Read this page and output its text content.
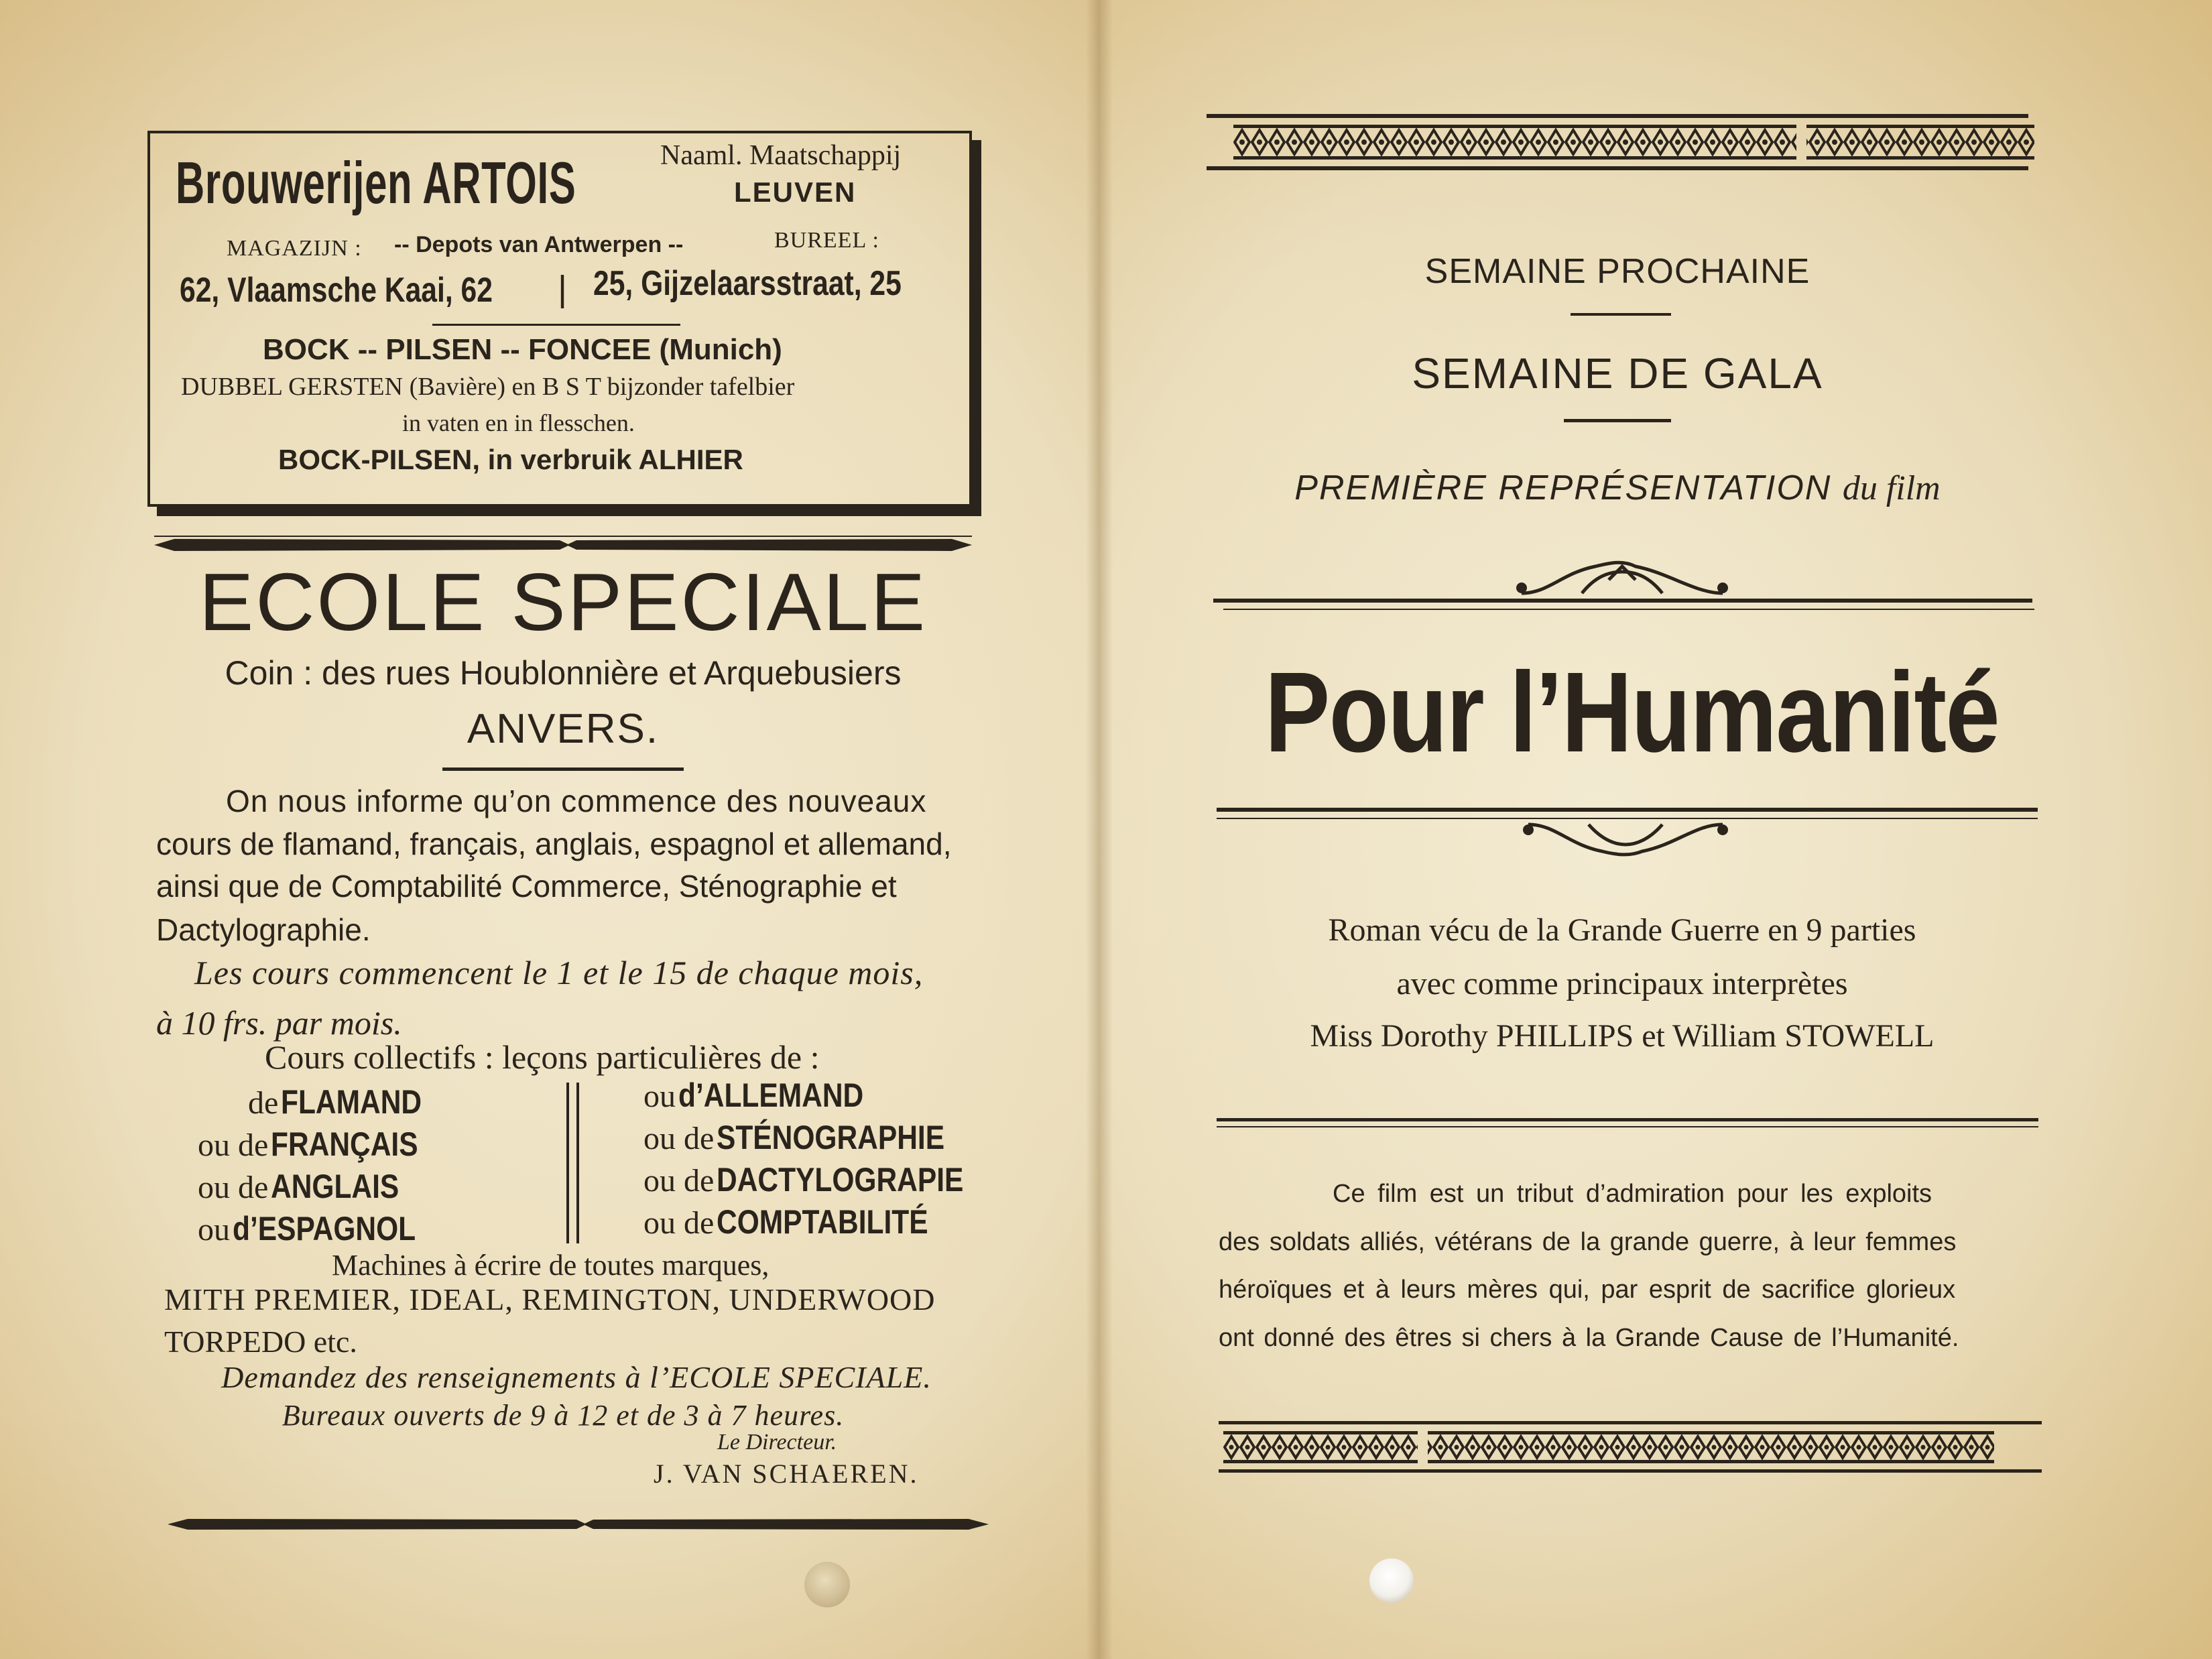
Brouwerijen ARTOIS	Naaml. Maatschappij
LEUVEN
MAGAZIJN : -- Depots van Antwerpen --	BUREEL :
62, Vlaamsche Kaai, 62 | 25, Gijzelaarsstraat, 25
BOCK -- PILSEN -- FONCEE (Munich)
DUBBEL GERSTEN (Bavière) en B S T bijzonder tafelbier
in vaten en in flesschen.
BOCK-PILSEN, in verbruik ALHIER
ECOLE SPECIALE
Coin : des rues Houblonnière et Arquebusiers
ANVERS.
On nous informe qu’on commence des nouveaux
cours de flamand, français, anglais, espagnol et allemand,
ainsi que de Comptabilité Commerce, Sténographie et
Dactylographie.
Les cours commencent le 1 et le 15 de chaque mois,
à 10 frs. par mois.
Cours collectifs : leçons particulières de :
de FLAMAND
ou de FRANÇAIS
ou de ANGLAIS
ou d’ESPAGNOL
ou d’ALLEMAND
ou de STÉNOGRAPHIE
ou de DACTYLOGRAPIE
ou de COMPTABILITÉ
Machines à écrire de toutes marques,
MITH PREMIER, IDEAL, REMINGTON, UNDERWOOD
TORPEDO etc.
Demandez des renseignements à l’ECOLE SPECIALE.
Bureaux ouverts de 9 à 12 et de 3 à 7 heures.
Le Directeur.
J. VAN SCHAEREN.
SEMAINE PROCHAINE
SEMAINE DE GALA
PREMIÈRE REPRÉSENTATION du film
Pour l’Humanité
Roman vécu de la Grande Guerre en 9 parties
avec comme principaux interprètes
Miss Dorothy PHILLIPS et William STOWELL
Ce film est un tribut d’admiration pour les exploits
des soldats alliés, vétérans de la grande guerre, à leur femmes
héroïques et à leurs mères qui, par esprit de sacrifice glorieux
ont donné des êtres si chers à la Grande Cause de l’Humanité.
